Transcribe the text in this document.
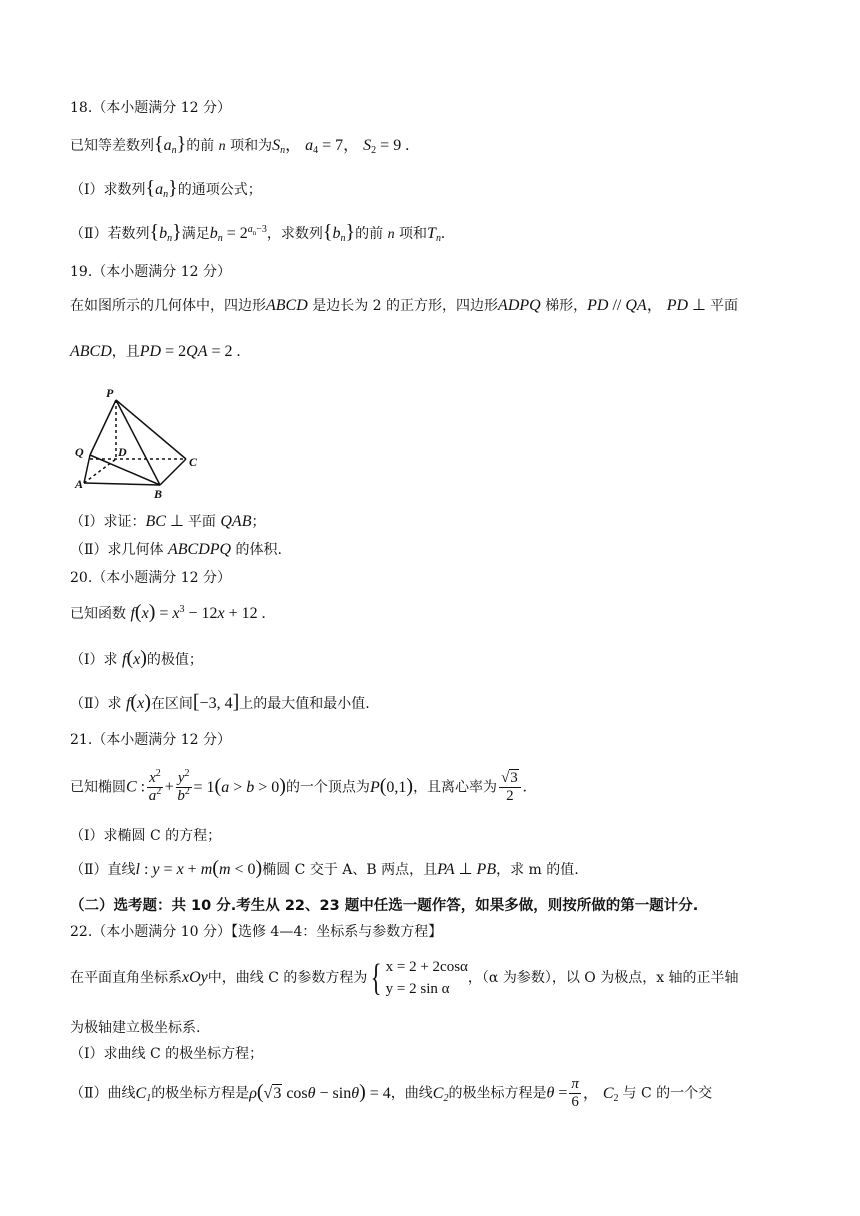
18.（本小题满分 12 分）
已知等差数列$\{a_n\}$的前 n 项和为$S_n$， $a_4 = 7$， $S_2 = 9$ .
（Ⅰ）求数列$\{a_n\}$的通项公式；
（Ⅱ）若数列$\{b_n\}$满足$b_n = 2^{a_n-3}$，求数列$\{b_n\}$的前 n 项和$T_n$.
19.（本小题满分 12 分）
在如图所示的几何体中，四边形ABCD 是边长为 2 的正方形，四边形ADPQ 梯形，PD // QA， PD ⊥ 平面
ABCD，且PD = 2QA = 2 .
P
Q	D
C
A
B
（Ⅰ）求证：BC ⊥ 平面 QAB；
（Ⅱ）求几何体 ABCDPQ 的体积.
20.（本小题满分 12 分）
已知函数 $f(x) = x^3 - 12x + 12$ .
（Ⅰ）求 f(x)的极值；
（Ⅱ）求 f(x)在区间[−3, 4]上的最大值和最小值.
21.（本小题满分 12 分）
已知椭圆C : $\frac{x^2}{a^2} + \frac{y^2}{b^2} = 1(a > b > 0)$的一个顶点为P(0,1)，且离心率为 $\frac{√3}{2}$ .
（Ⅰ）求椭圆 C 的方程；
（Ⅱ）直线l : y = x + m(m < 0)椭圆 C 交于 A、B 两点，且PA ⊥ PB，求 m 的值.
（二）选考题：共 10 分.考生从 22、23 题中任选一题作答，如果多做，则按所做的第一题计分.
22.（本小题满分 10 分）【选修 4—4：坐标系与参数方程】
在平面直角坐标系xOy中，曲线 C 的参数方程为{ x = 2 + 2cosα
y = 2 sin α
，（α 为参数），以 O 为极点，x 轴的正半轴
为极轴建立极坐标系.
（Ⅰ）求曲线 C 的极坐标方程；
（Ⅱ）曲线$C_1$的极坐标方程是ρ(√3 cosθ − sinθ) = 4，曲线$C_2$的极坐标方程是$\theta = \frac{\pi}{6}$ ， $C_2$ 与 C 的一个交
